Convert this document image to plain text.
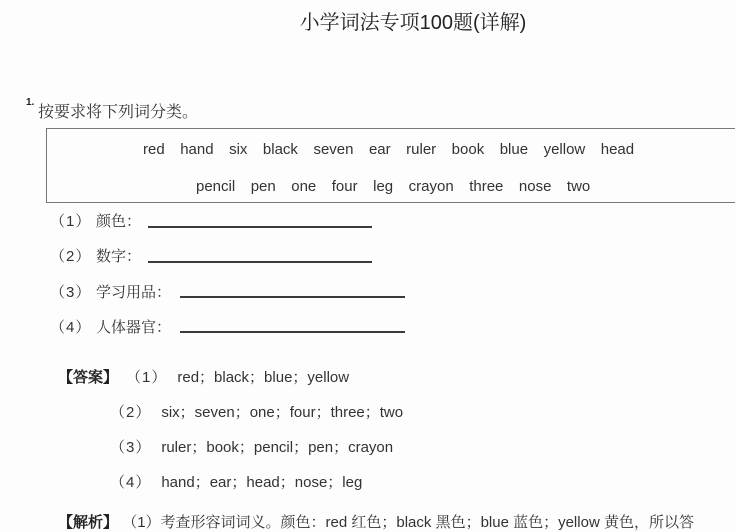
小学词法专项100题(详解)
1.
按要求将下列词分类。
red hand six black seven ear ruler book blue yellow head
pencil pen one four leg crayon three nose two
（1） 颜色：
（2） 数字：
（3） 学习用品：
（4） 人体器官：
【答案】 （1） red；black；blue；yellow
（2） six；seven；one；four；three；two
（3） ruler；book；pencil；pen；crayon
（4） hand；ear；head；nose；leg
【解析】 （1）考查形容词词义。颜色：red 红色；black 黑色；blue 蓝色；yellow 黄色，所以答
